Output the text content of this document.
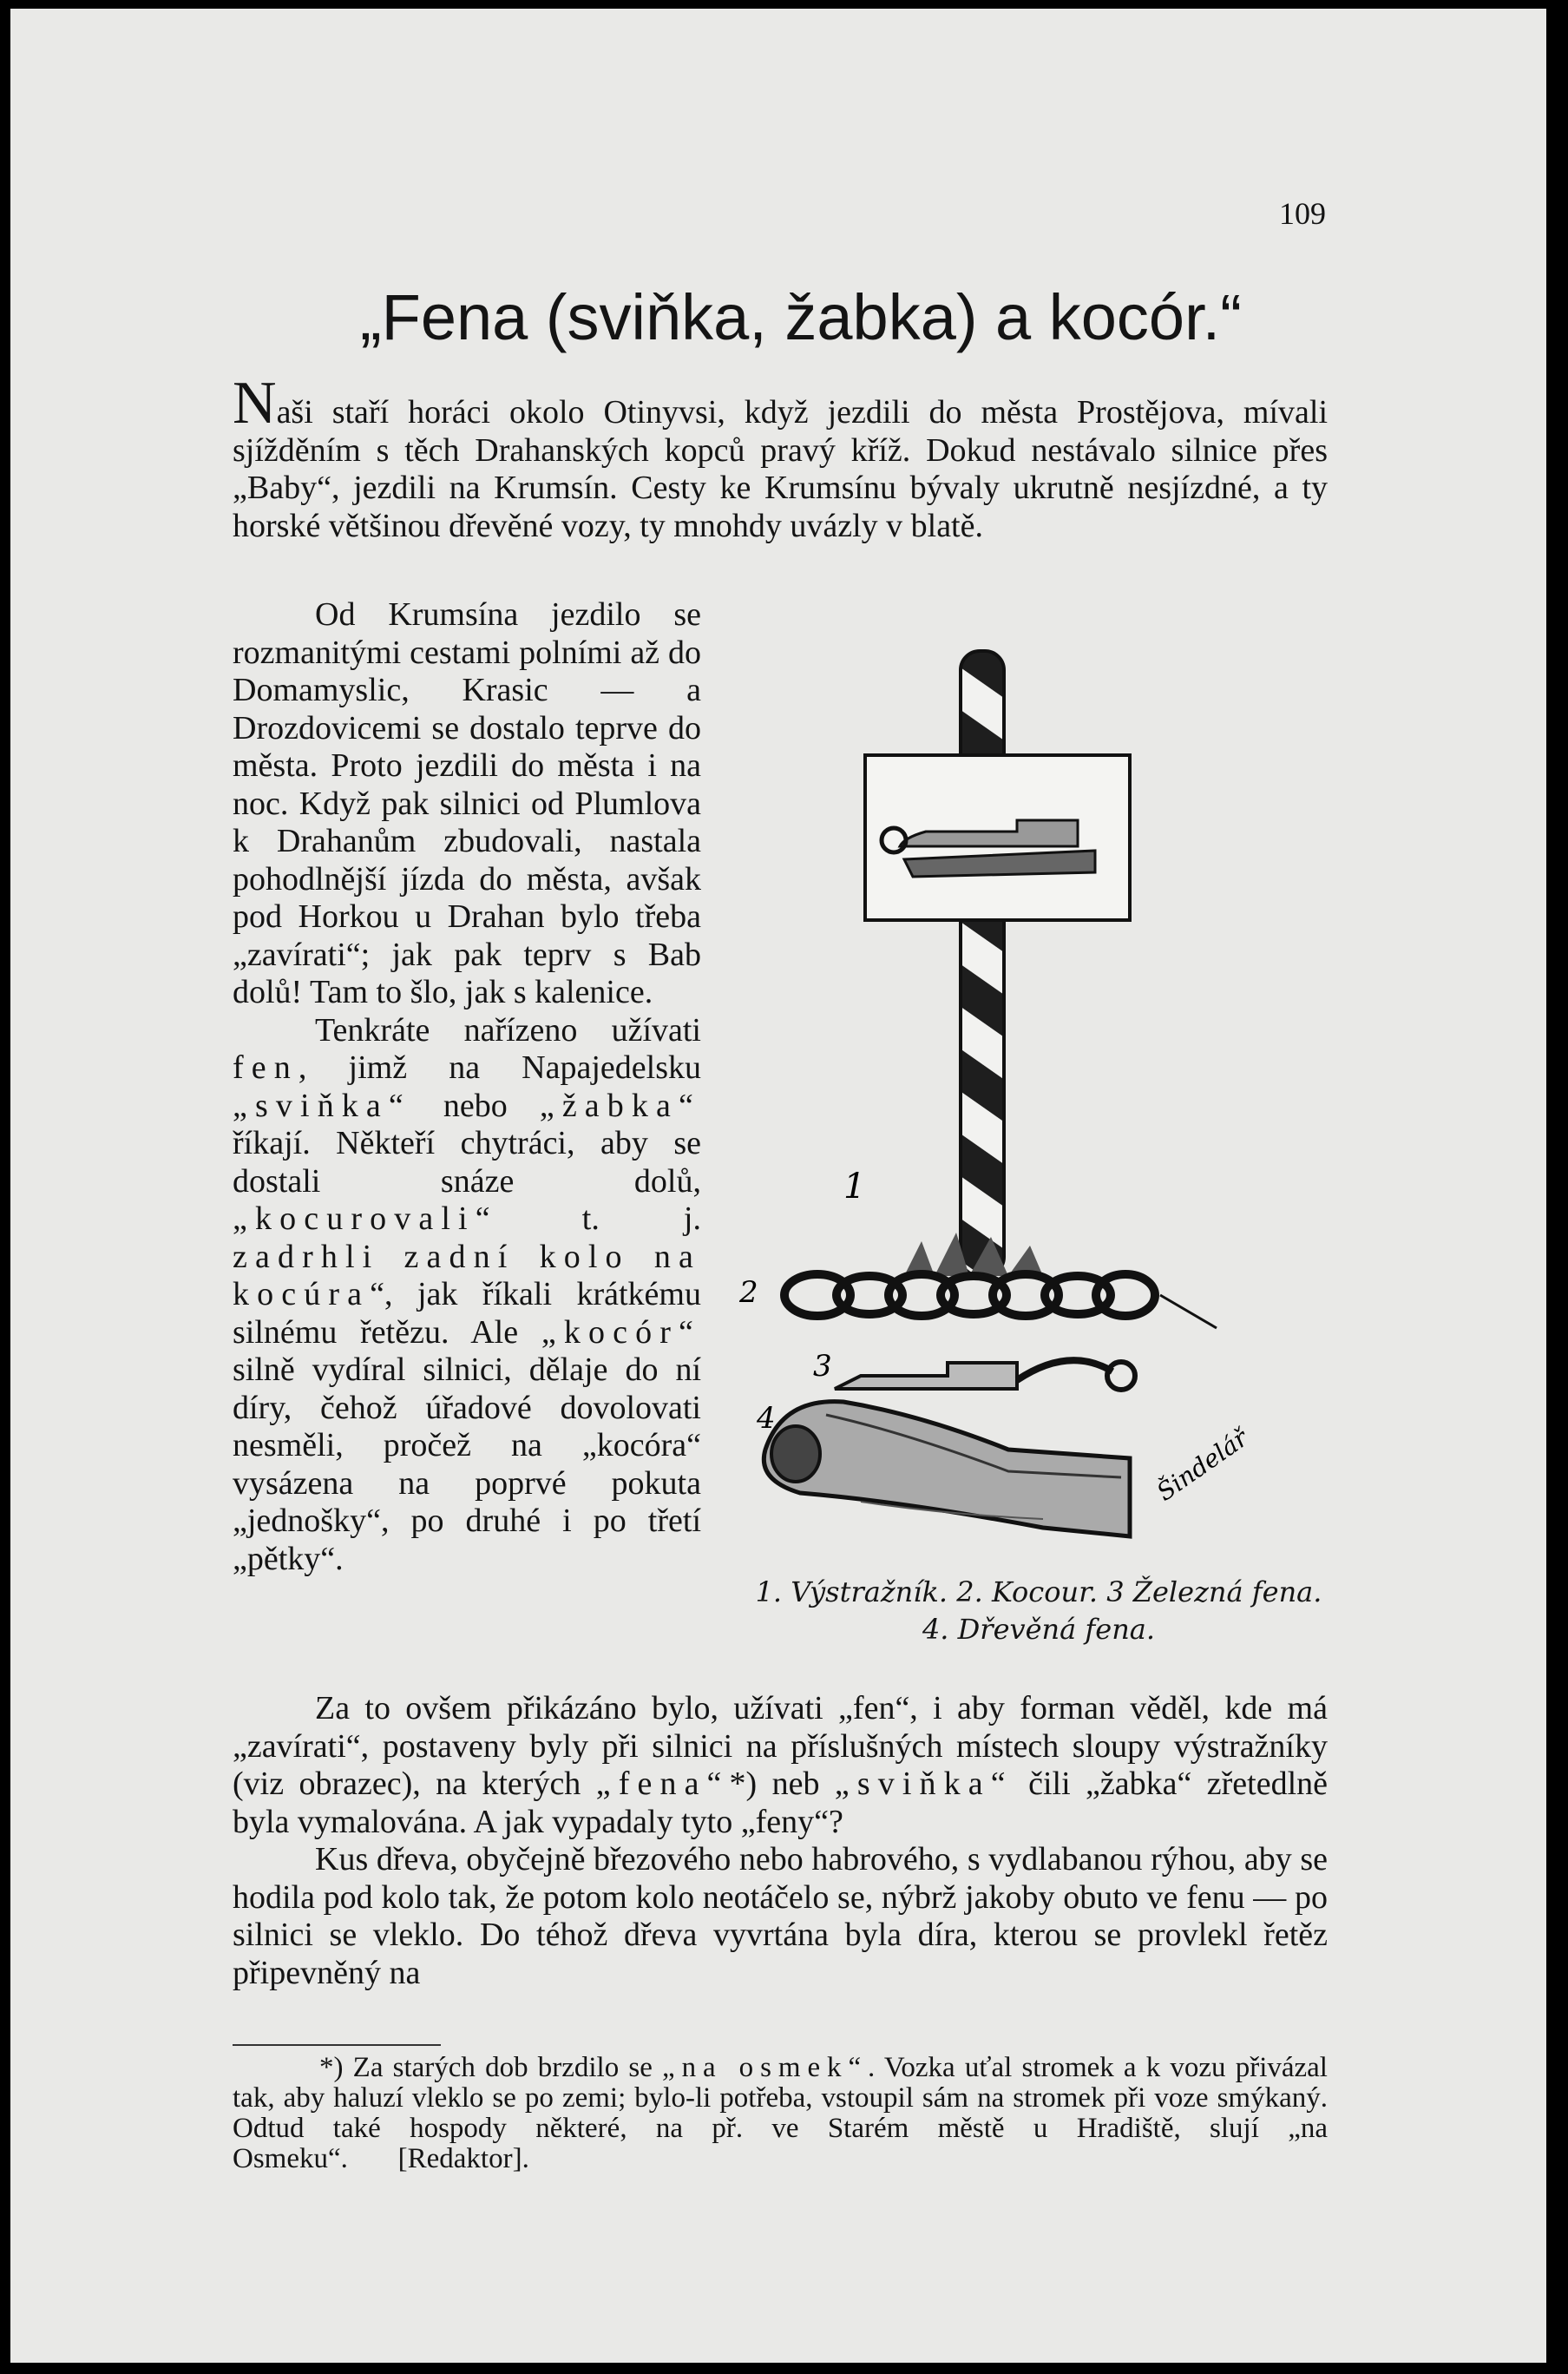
109
„Fena (sviňka, žabka) a kocór.“

Naši staří horáci okolo Otinyvsi, když jezdili do města Prostějova, mívali sjížděním s těch Drahanských kopců pravý kříž. Dokud nestávalo silnice přes „Baby“, jezdili na Krumsín. Cesty ke Krumsínu bývaly ukrutně nesjízdné, a ty horské většinou dřevěné vozy, ty mnohdy uvázly v blatě.

Od Krumsína jezdilo se rozmanitými cestami polními až do Domamyslic, Krasic — a Drozdovicemi se dostalo teprve do města. Proto jezdili do města i na noc. Když pak silnici od Plumlova k Drahanům zbudovali, nastala pohodlnější jízda do města, avšak pod Horkou u Drahan bylo třeba „zavírati“; jak pak teprv s Bab dolů! Tam to šlo, jak s kalenice.

Tenkráte nařízeno užívati fen, jimž na Napajedelsku „sviňka“ nebo „žabka“ říkají. Někteří chytráci, aby se dostali snáze dolů, „kocurovali“ t. j. zadrhli zadní kolo na kocúra“, jak říkali krátkému silnému řetězu. Ale „kocór“ silně vydíral silnici, dělaje do ní díry, čehož úřadové dovolovati nesměli, pročež na „kocóra“ vysázena na poprvé pokuta „jednošky“, po druhé i po třetí „pětky“.

1
2
3
4
Šindelář
1. Výstražník. 2. Kocour. 3 Železná fena.
4. Dřevěná fena.

Za to ovšem přikázáno bylo, užívati „fen“, i aby forman věděl, kde má „zavírati“, postaveny byly při silnici na příslušných místech sloupy výstražníky (viz obrazec), na kterých „fena“*) neb „sviňka“ čili „žabka“ zřetedlně byla vymalována. A jak vypadaly tyto „feny“?

Kus dřeva, obyčejně březového nebo habrového, s vydlabanou rýhou, aby se hodila pod kolo tak, že potom kolo neotáčelo se, nýbrž jakoby obuto ve fenu — po silnici se vleklo. Do téhož dřeva vyvrtána byla díra, kterou se provlekl řetěz připevněný na

*) Za starých dob brzdilo se „na osmek“. Vozka uťal stromek a k vozu přivázal tak, aby haluzí vleklo se po zemi; bylo-li potřeba, vstoupil sám na stromek při voze smýkaný. Odtud také hospody některé, na př. ve Starém městě u Hradiště, slují „na Osmeku“. [Redaktor].
